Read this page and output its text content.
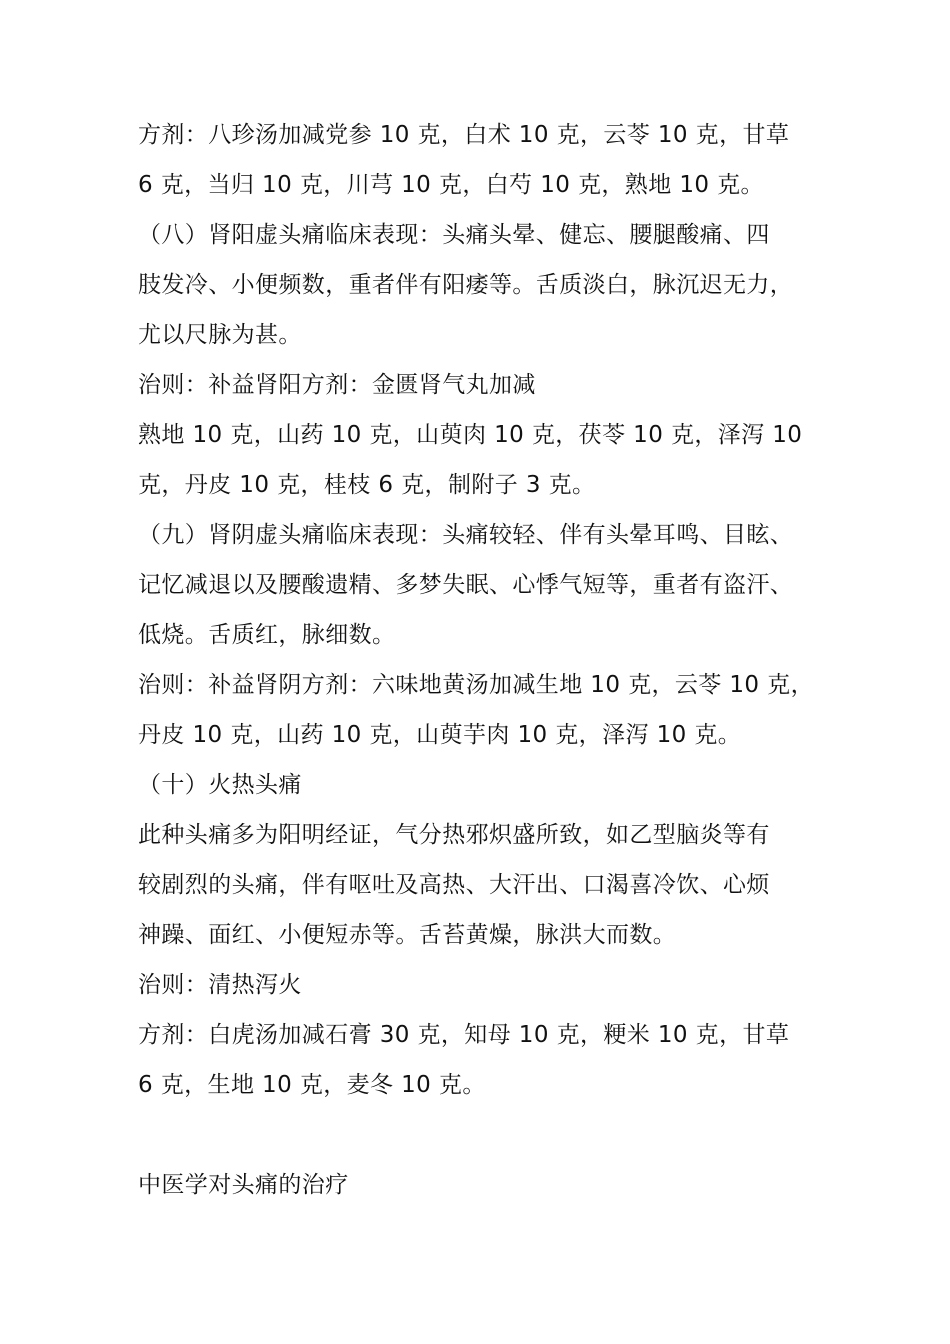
方剂：八珍汤加减党参 10 克，白术 10 克，云苓 10 克，甘草
6 克，当归 10 克，川芎 10 克，白芍 10 克，熟地 10 克。
（八）肾阳虚头痛临床表现：头痛头晕、健忘、腰腿酸痛、四
肢发冷、小便频数，重者伴有阳痿等。舌质淡白，脉沉迟无力，
尤以尺脉为甚。
治则：补益肾阳方剂：金匮肾气丸加减
熟地 10 克，山药 10 克，山萸肉 10 克，茯苓 10 克，泽泻 10
克，丹皮 10 克，桂枝 6 克，制附子 3 克。
（九）肾阴虚头痛临床表现：头痛较轻、伴有头晕耳鸣、目眩、
记忆减退以及腰酸遗精、多梦失眠、心悸气短等，重者有盗汗、
低烧。舌质红，脉细数。
治则：补益肾阴方剂：六味地黄汤加减生地 10 克，云苓 10 克，
丹皮 10 克，山药 10 克，山萸芋肉 10 克，泽泻 10 克。
（十）火热头痛
此种头痛多为阳明经证，气分热邪炽盛所致，如乙型脑炎等有
较剧烈的头痛，伴有呕吐及高热、大汗出、口渴喜冷饮、心烦
神躁、面红、小便短赤等。舌苔黄燥，脉洪大而数。
治则：清热泻火
方剂：白虎汤加减石膏 30 克，知母 10 克，粳米 10 克，甘草
6 克，生地 10 克，麦冬 10 克。
中医学对头痛的治疗
